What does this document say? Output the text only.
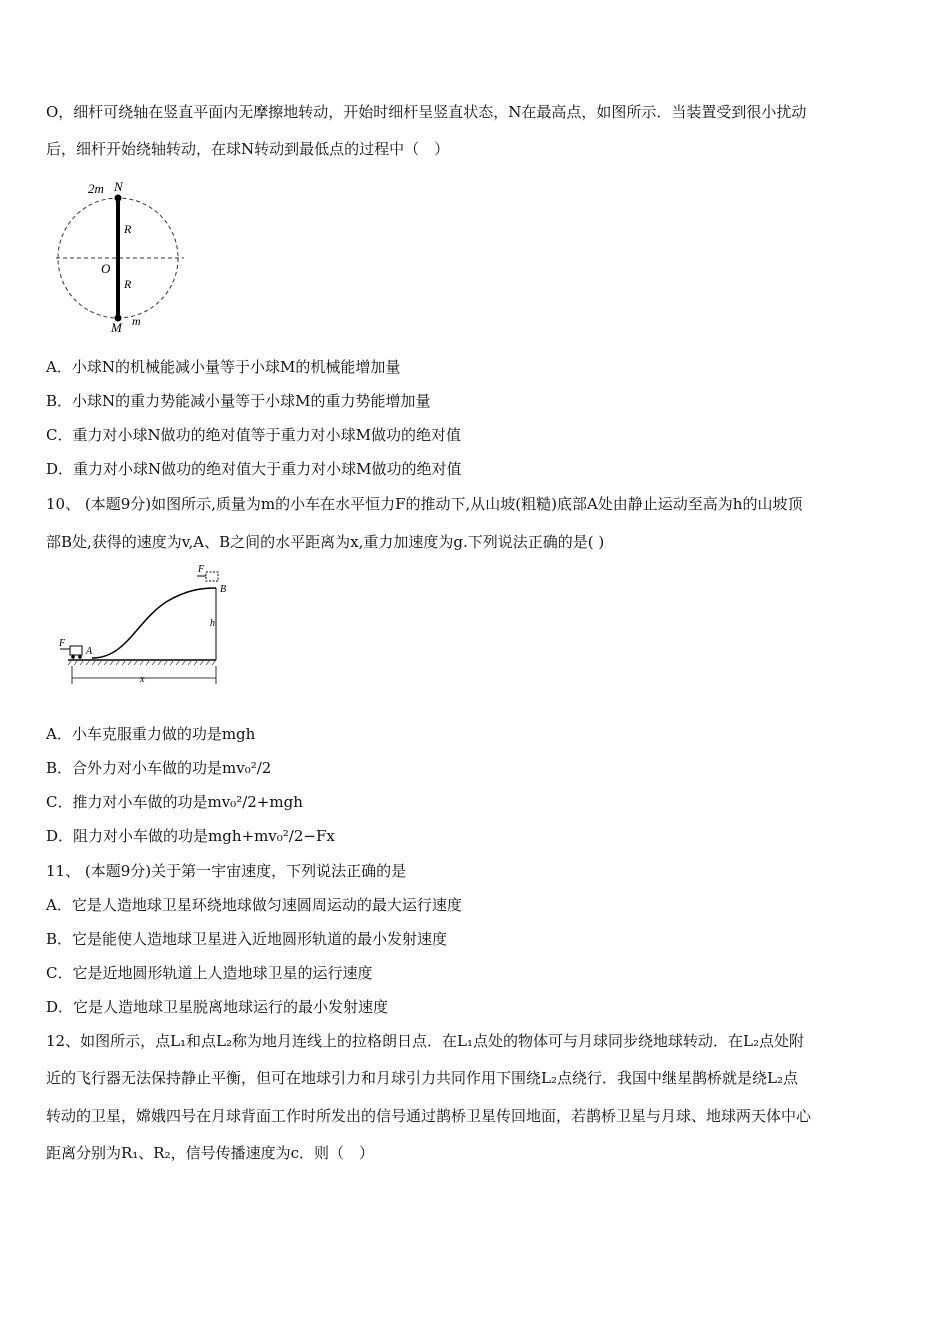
O，细杆可绕轴在竖直平面内无摩擦地转动，开始时细杆呈竖直状态，N在最高点，如图所示．当装置受到很小扰动
后，细杆开始绕轴转动，在球N转动到最低点的过程中（　）
2m N
R
O
R
M m
A．小球N的机械能减小量等于小球M的机械能增加量
B．小球N的重力势能减小量等于小球M的重力势能增加量
C．重力对小球N做功的绝对值等于重力对小球M做功的绝对值
D．重力对小球N做功的绝对值大于重力对小球M做功的绝对值
10、 (本题9分)如图所示,质量为m的小车在水平恒力F的推动下,从山坡(粗糙)底部A处由静止运动至高为h的山坡顶
部B处,获得的速度为v,A、B之间的水平距离为x,重力加速度为g.下列说法正确的是( )
F
A
F
B
h
x
A．小车克服重力做的功是mgh
B．合外力对小车做的功是mv₀²/2
C．推力对小车做的功是mv₀²/2+mgh
D．阻力对小车做的功是mgh+mv₀²/2−Fx
11、 (本题9分)关于第一宇宙速度，下列说法正确的是
A．它是人造地球卫星环绕地球做匀速圆周运动的最大运行速度
B．它是能使人造地球卫星进入近地圆形轨道的最小发射速度
C．它是近地圆形轨道上人造地球卫星的运行速度
D．它是人造地球卫星脱离地球运行的最小发射速度
12、如图所示，点L₁和点L₂称为地月连线上的拉格朗日点．在L₁点处的物体可与月球同步绕地球转动．在L₂点处附
近的飞行器无法保持静止平衡，但可在地球引力和月球引力共同作用下围绕L₂点绕行．我国中继星鹊桥就是绕L₂点
转动的卫星，嫦娥四号在月球背面工作时所发出的信号通过鹊桥卫星传回地面，若鹊桥卫星与月球、地球两天体中心
距离分别为R₁、R₂，信号传播速度为c．则（　）
